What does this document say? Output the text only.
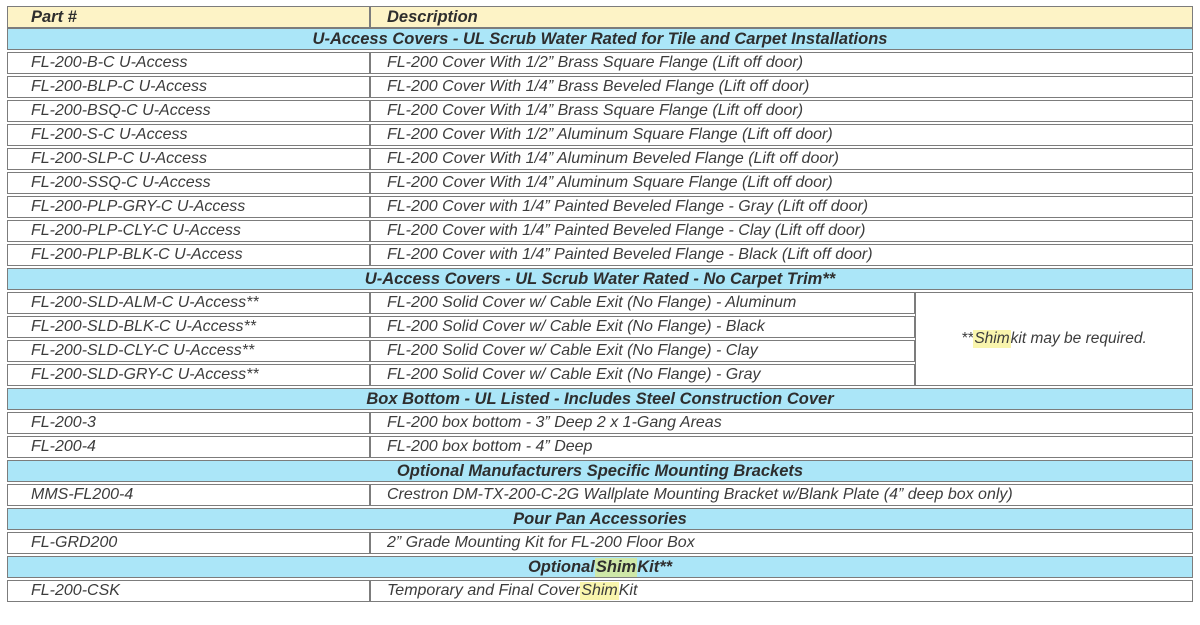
Part #	Description
U-Access Covers - UL Scrub Water Rated for Tile and Carpet Installations
FL-200-B-C U-Access	FL-200 Cover With 1/2” Brass Square Flange (Lift off door)
FL-200-BLP-C U-Access	FL-200 Cover With 1/4” Brass Beveled Flange (Lift off door)
FL-200-BSQ-C U-Access	FL-200 Cover With 1/4” Brass Square Flange (Lift off door)
FL-200-S-C U-Access	FL-200 Cover With 1/2” Aluminum Square Flange (Lift off door)
FL-200-SLP-C U-Access	FL-200 Cover With 1/4” Aluminum Beveled Flange (Lift off door)
FL-200-SSQ-C U-Access	FL-200 Cover With 1/4” Aluminum Square Flange (Lift off door)
FL-200-PLP-GRY-C U-Access	FL-200 Cover with 1/4” Painted Beveled Flange - Gray (Lift off door)
FL-200-PLP-CLY-C U-Access	FL-200 Cover with 1/4” Painted Beveled Flange - Clay (Lift off door)
FL-200-PLP-BLK-C U-Access	FL-200 Cover with 1/4” Painted Beveled Flange - Black (Lift off door)
U-Access Covers - UL Scrub Water Rated - No Carpet Trim**
** Shim kit may be required.
FL-200-SLD-ALM-C U-Access**	FL-200 Solid Cover w/ Cable Exit (No Flange) - Aluminum
FL-200-SLD-BLK-C U-Access**	FL-200 Solid Cover w/ Cable Exit (No Flange) - Black
FL-200-SLD-CLY-C U-Access**	FL-200 Solid Cover w/ Cable Exit (No Flange) - Clay
FL-200-SLD-GRY-C U-Access**	FL-200 Solid Cover w/ Cable Exit (No Flange) - Gray
Box Bottom - UL Listed - Includes Steel Construction Cover
FL-200-3	FL-200 box bottom - 3” Deep 2 x 1-Gang Areas
FL-200-4	FL-200 box bottom - 4” Deep
Optional Manufacturers Specific Mounting Brackets
MMS-FL200-4	Crestron DM-TX-200-C-2G Wallplate Mounting Bracket w/Blank Plate (4” deep box only)
Pour Pan Accessories
FL-GRD200	2” Grade Mounting Kit for FL-200 Floor Box
Optional Shim Kit**
FL-200-CSK	Temporary and Final Cover Shim Kit
